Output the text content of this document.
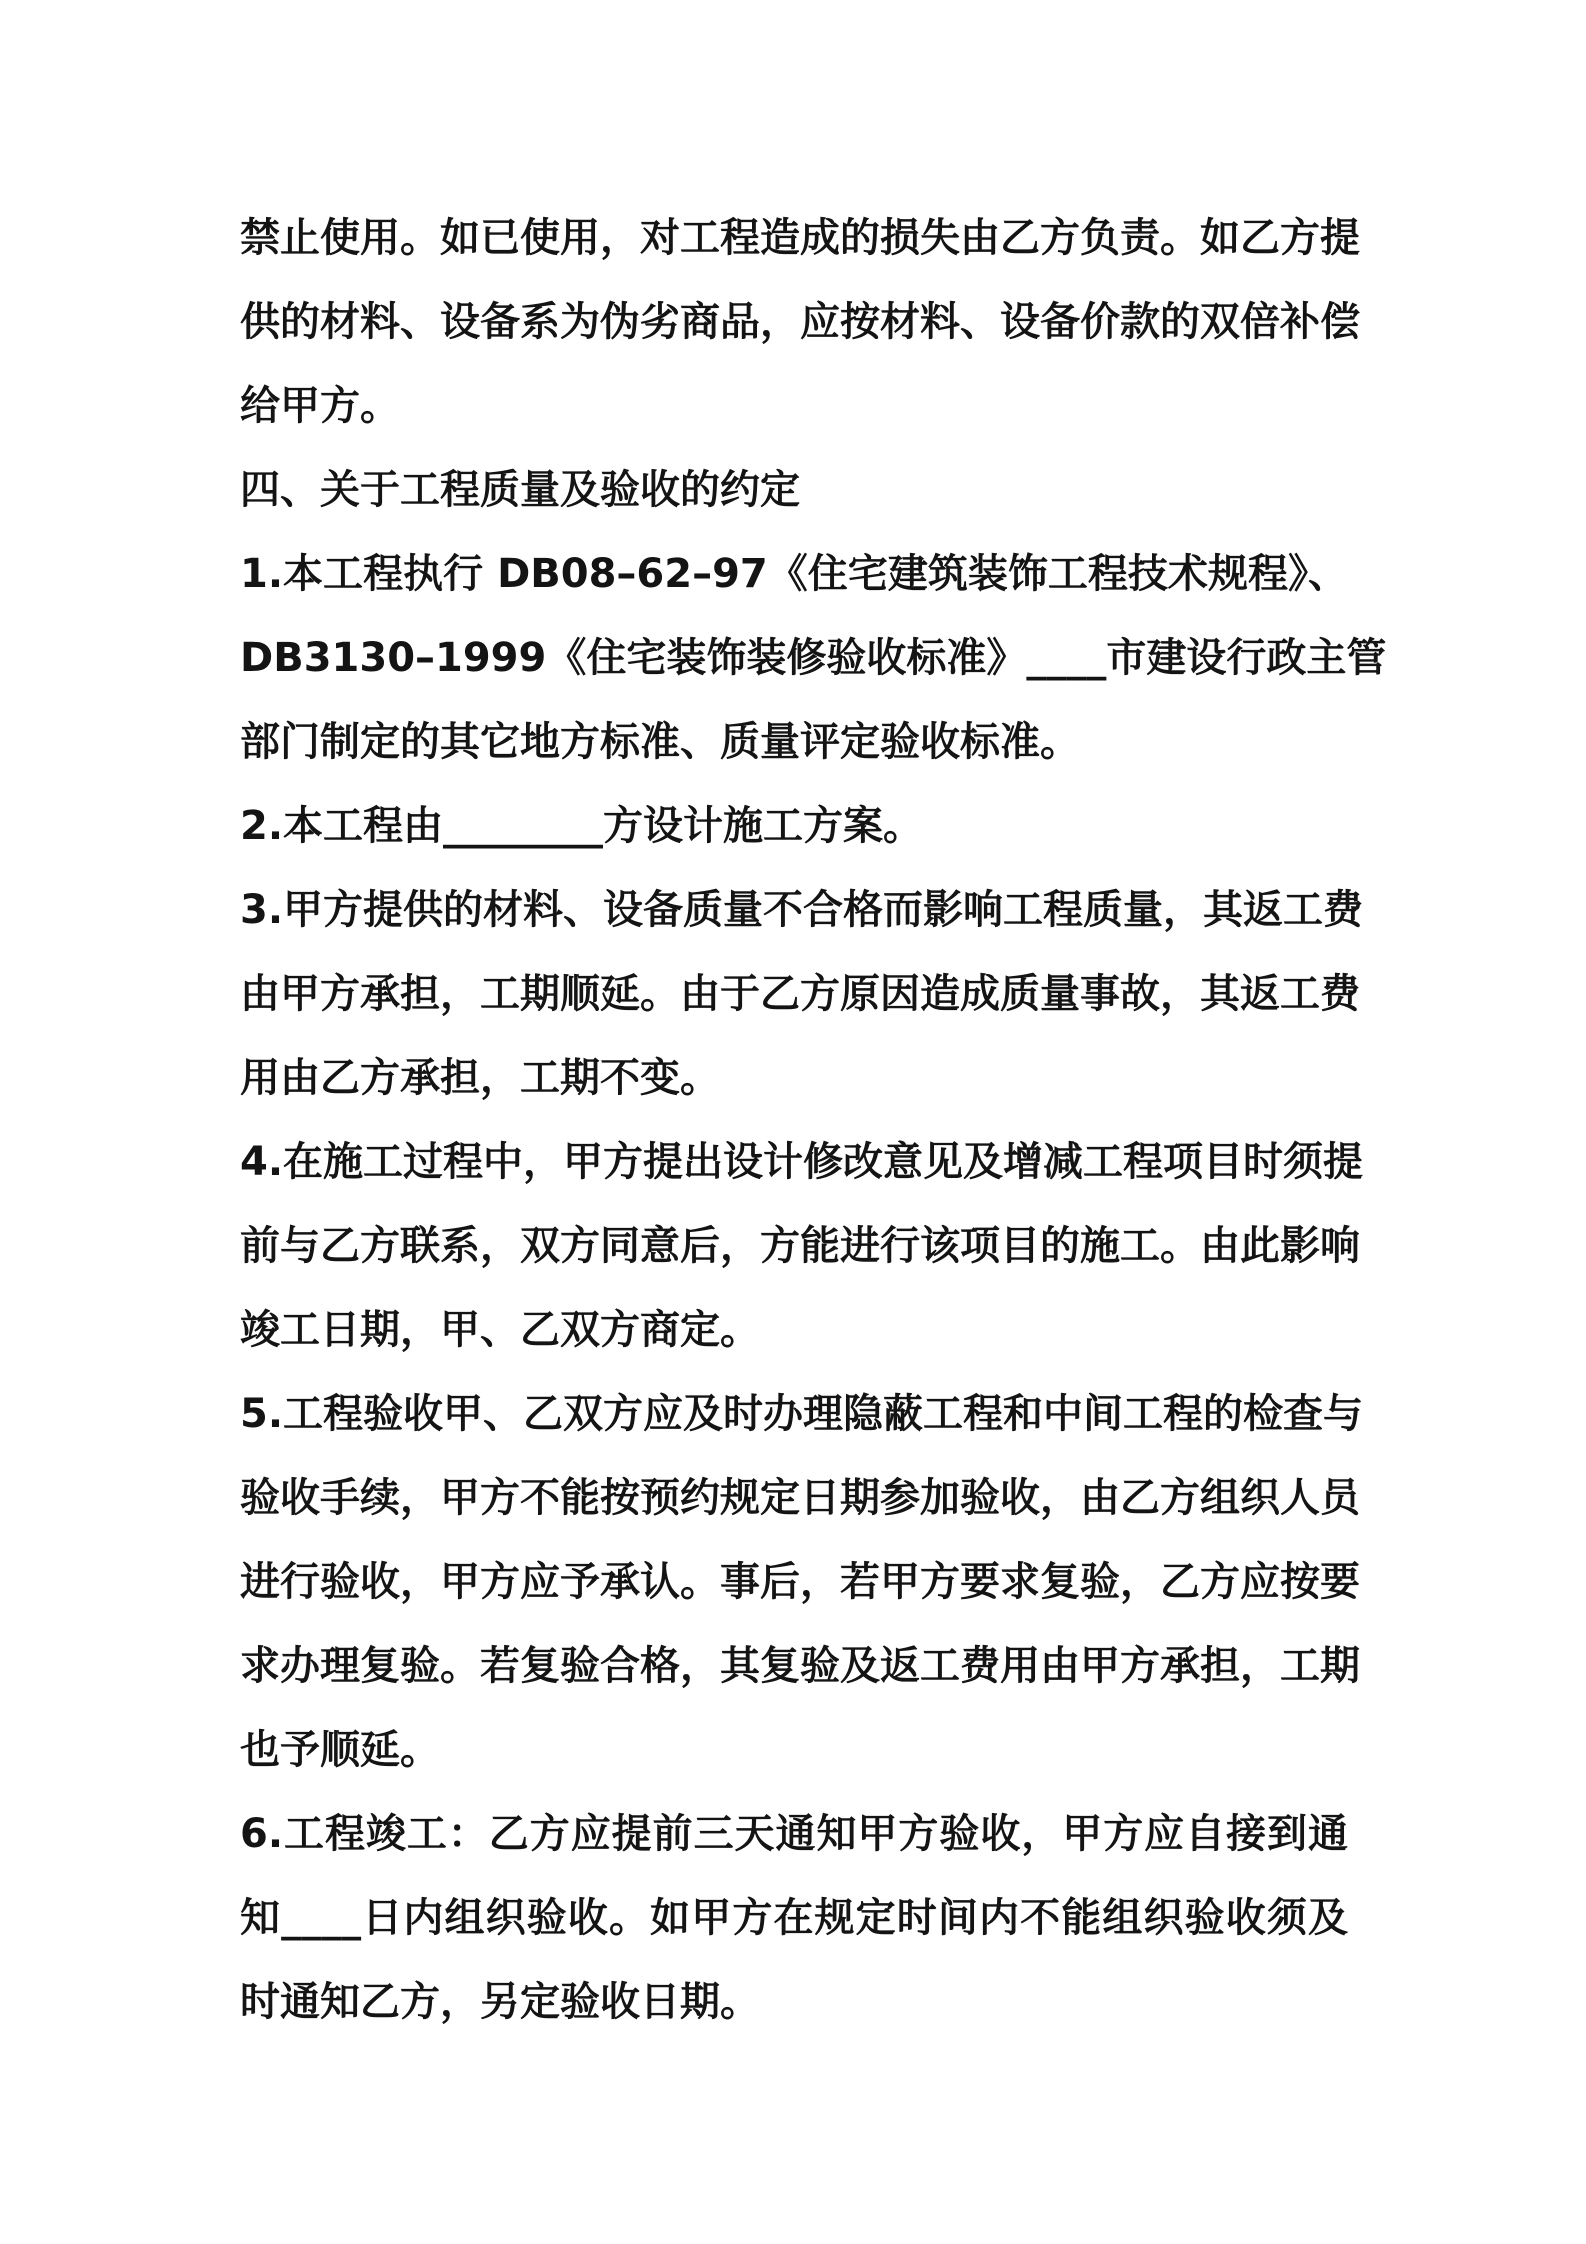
禁止使用。如已使用，对工程造成的损失由乙方负责。如乙方提
供的材料、设备系为伪劣商品，应按材料、设备价款的双倍补偿
给甲方。
四、关于工程质量及验收的约定
1.本工程执行 DB08–62–97《住宅建筑装饰工程技术规程》、
DB3130–1999《住宅装饰装修验收标准》____市建设行政主管
部门制定的其它地方标准、质量评定验收标准。
2.本工程由________方设计施工方案。
3.甲方提供的材料、设备质量不合格而影响工程质量，其返工费
由甲方承担，工期顺延。由于乙方原因造成质量事故，其返工费
用由乙方承担，工期不变。
4.在施工过程中，甲方提出设计修改意见及增减工程项目时须提
前与乙方联系，双方同意后，方能进行该项目的施工。由此影响
竣工日期，甲、乙双方商定。
5.工程验收甲、乙双方应及时办理隐蔽工程和中间工程的检查与
验收手续，甲方不能按预约规定日期参加验收，由乙方组织人员
进行验收，甲方应予承认。事后，若甲方要求复验，乙方应按要
求办理复验。若复验合格，其复验及返工费用由甲方承担，工期
也予顺延。
6.工程竣工：乙方应提前三天通知甲方验收，甲方应自接到通
知____日内组织验收。如甲方在规定时间内不能组织验收须及
时通知乙方，另定验收日期。
